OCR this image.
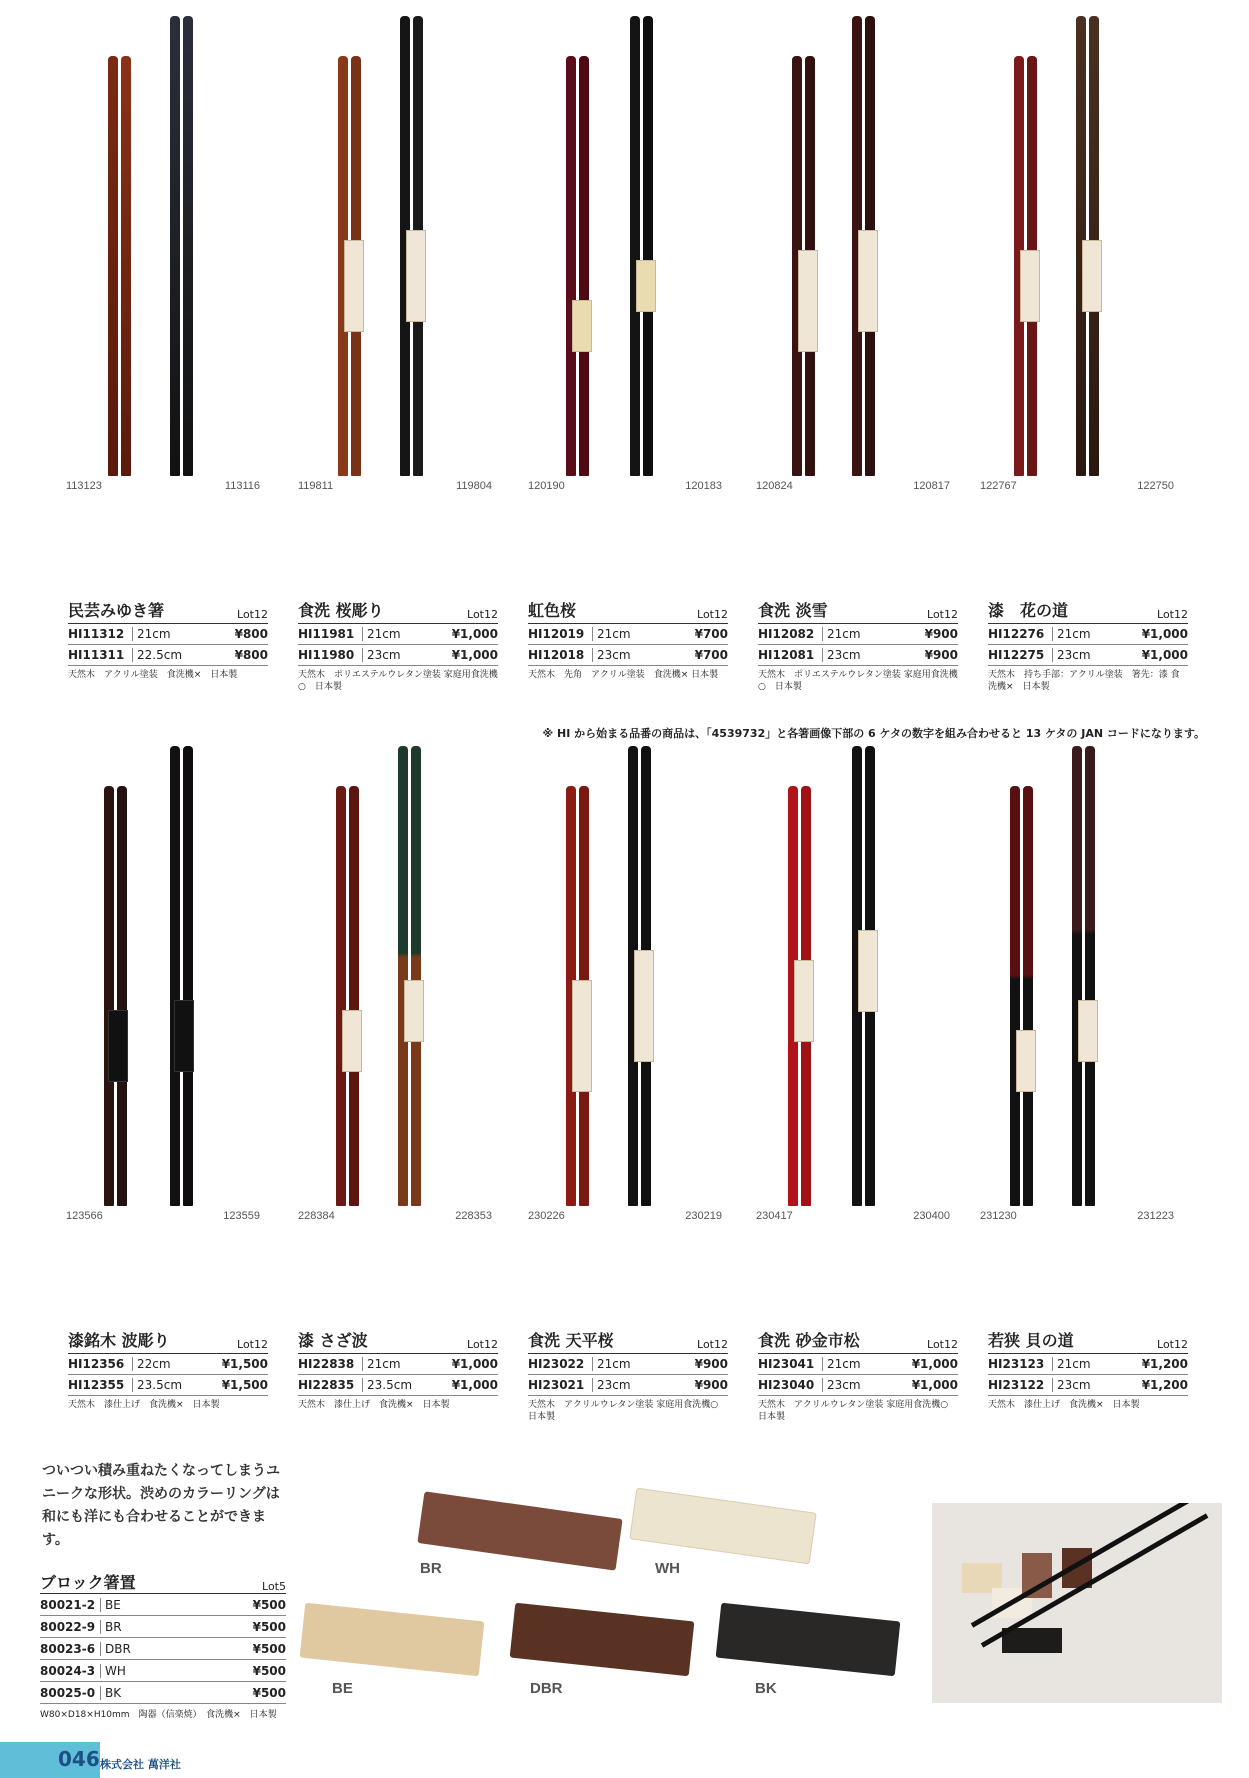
113123	113116	119811	119804	120190	120183	120824	120817	122767	122750
民芸みゆき箸	Lot12
HI11312	21cm	¥800
HI11311	22.5cm	¥800
天然木　アクリル塗装　食洗機×　日本製
食洗 桜彫り	Lot12
HI11981	21cm	¥1,000
HI11980	23cm	¥1,000
天然木　ポリエステルウレタン塗装 家庭用食洗機○　日本製
虹色桜	Lot12
HI12019	21cm	¥700
HI12018	23cm	¥700
天然木　先角　アクリル塗装　食洗機× 日本製
食洗 淡雪	Lot12
HI12082	21cm	¥900
HI12081	23cm	¥900
天然木　ポリエステルウレタン塗装 家庭用食洗機○　日本製
漆　花の道	Lot12
HI12276	21cm	¥1,000
HI12275	23cm	¥1,000
天然木　持ち手部：アクリル塗装　箸先：漆 食洗機×　日本製
※ HI から始まる品番の商品は、「4539732」と各箸画像下部の 6 ケタの数字を組み合わせると 13 ケタの JAN コードになります。
123566	123559	228384	228353	230226	230219	230417	230400	231230	231223
漆銘木 波彫り	Lot12
HI12356	22cm	¥1,500
HI12355	23.5cm	¥1,500
天然木　漆仕上げ　食洗機×　日本製
漆 さざ波	Lot12
HI22838	21cm	¥1,000
HI22835	23.5cm	¥1,000
天然木　漆仕上げ　食洗機×　日本製
食洗 天平桜	Lot12
HI23022	21cm	¥900
HI23021	23cm	¥900
天然木　アクリルウレタン塗装 家庭用食洗機○　日本製
食洗 砂金市松	Lot12
HI23041	21cm	¥1,000
HI23040	23cm	¥1,000
天然木　アクリルウレタン塗装 家庭用食洗機○　日本製
若狭 貝の道	Lot12
HI23123	21cm	¥1,200
HI23122	23cm	¥1,200
天然木　漆仕上げ　食洗機×　日本製
ついつい積み重ねたくなってしまうユニークな形状。渋めのカラーリングは和にも洋にも合わせることができます。
ブロック箸置	Lot5
80021-2 BE	¥500
80022-9 BR	¥500
80023-6 DBR	¥500
80024-3 WH	¥500
80025-0 BK	¥500
W80×D18×H10mm　陶器（信楽焼）　食洗機×　日本製
BR	WH
BE	DBR	BK
046 株式会社 萬洋社
